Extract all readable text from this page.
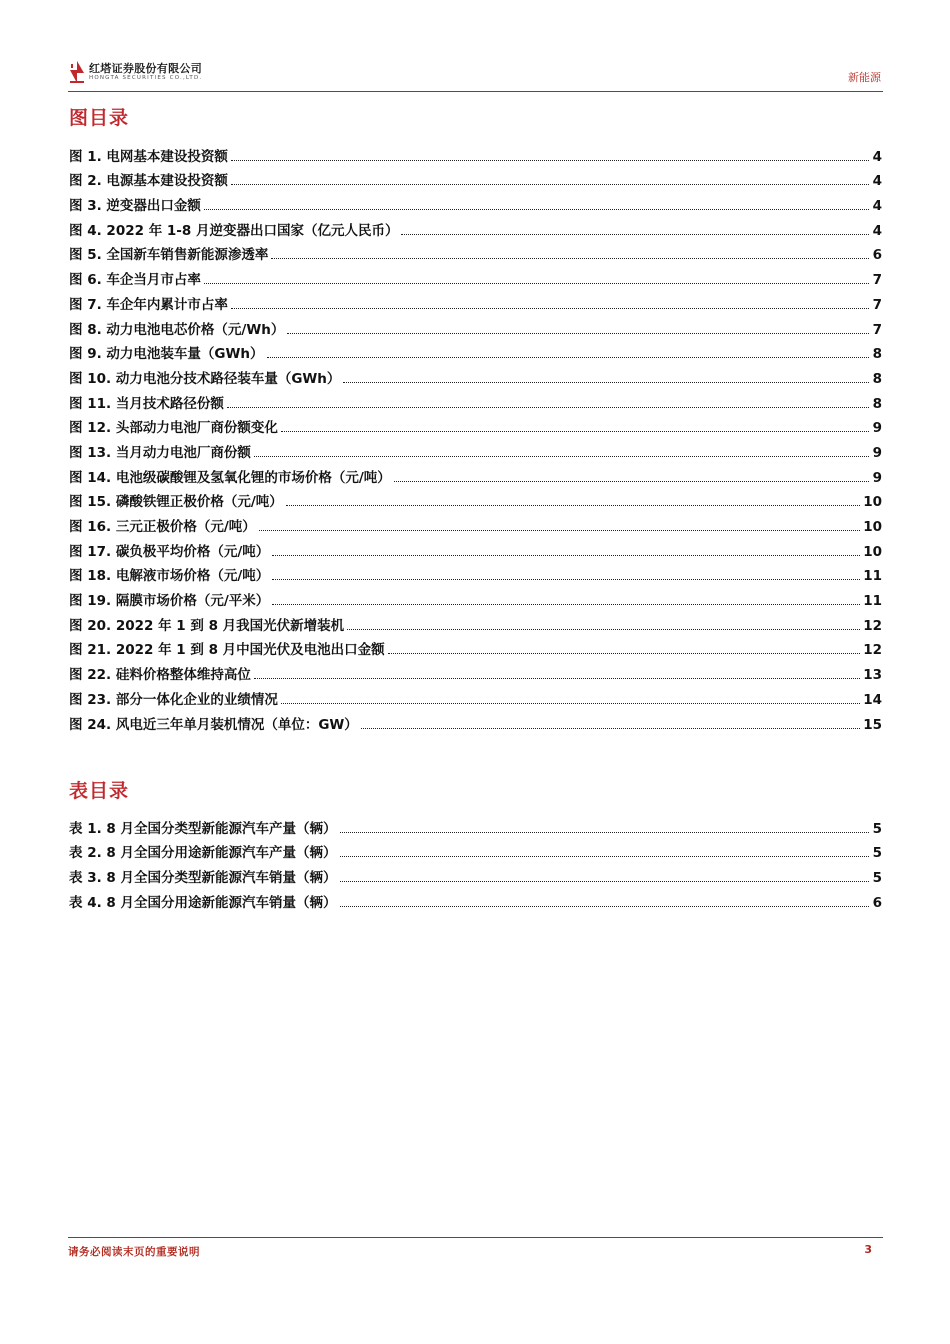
红塔证券股份有限公司
HONGTA SECURITIES CO.,LTD.	新能源
图目录
图 1. 电网基本建设投资额	4
图 2. 电源基本建设投资额	4
图 3. 逆变器出口金额	4
图 4. 2022 年 1-8 月逆变器出口国家（亿元人民币）	4
图 5. 全国新车销售新能源渗透率	6
图 6. 车企当月市占率	7
图 7. 车企年内累计市占率	7
图 8. 动力电池电芯价格（元/Wh）	7
图 9. 动力电池装车量（GWh）	8
图 10. 动力电池分技术路径装车量（GWh）	8
图 11. 当月技术路径份额	8
图 12. 头部动力电池厂商份额变化	9
图 13. 当月动力电池厂商份额	9
图 14. 电池级碳酸锂及氢氧化锂的市场价格（元/吨）	9
图 15. 磷酸铁锂正极价格（元/吨）	10
图 16. 三元正极价格（元/吨）	10
图 17. 碳负极平均价格（元/吨）	10
图 18. 电解液市场价格（元/吨）	11
图 19. 隔膜市场价格（元/平米）	11
图 20. 2022 年 1 到 8 月我国光伏新增装机	12
图 21. 2022 年 1 到 8 月中国光伏及电池出口金额	12
图 22. 硅料价格整体维持高位	13
图 23. 部分一体化企业的业绩情况	14
图 24. 风电近三年单月装机情况（单位：GW）	15
表目录
表 1. 8 月全国分类型新能源汽车产量（辆）	5
表 2. 8 月全国分用途新能源汽车产量（辆）	5
表 3. 8 月全国分类型新能源汽车销量（辆）	5
表 4. 8 月全国分用途新能源汽车销量（辆）	6
请务必阅读末页的重要说明	3
